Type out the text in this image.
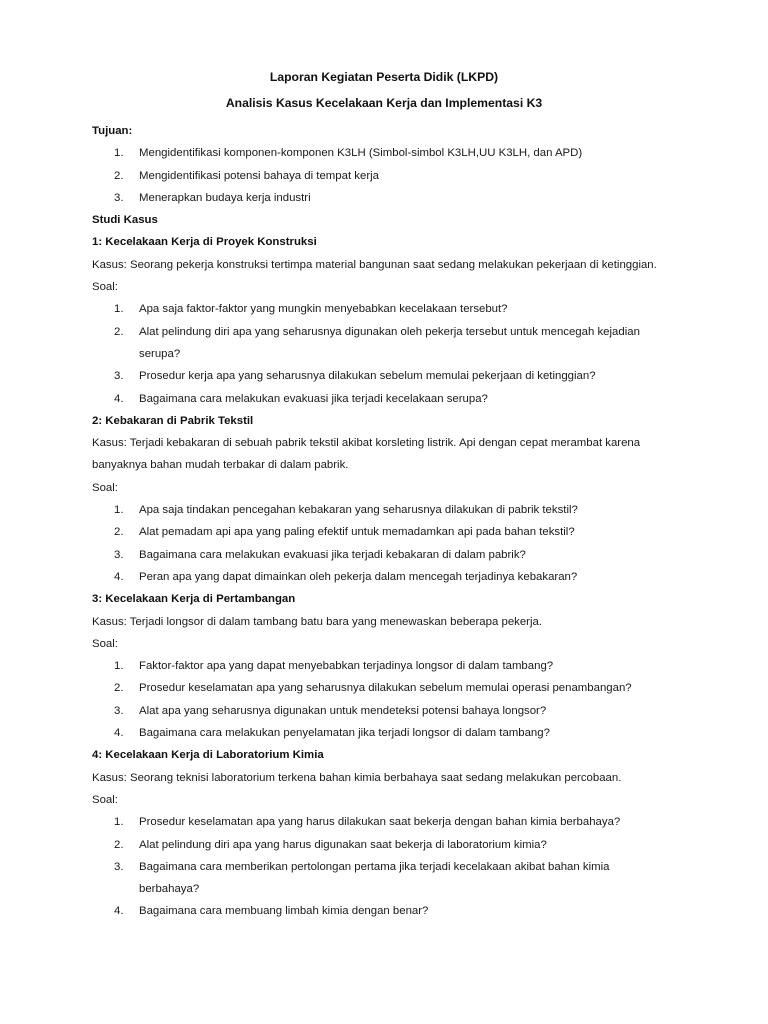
Laporan Kegiatan Peserta Didik (LKPD)
Analisis Kasus Kecelakaan Kerja dan Implementasi K3
Tujuan:
1. Mengidentifikasi komponen-komponen K3LH (Simbol-simbol K3LH,UU K3LH, dan APD)
2. Mengidentifikasi potensi bahaya di tempat kerja
3. Menerapkan budaya kerja industri
Studi Kasus
1: Kecelakaan Kerja di Proyek Konstruksi
Kasus: Seorang pekerja konstruksi tertimpa material bangunan saat sedang melakukan pekerjaan di ketinggian.
Soal:
1. Apa saja faktor-faktor yang mungkin menyebabkan kecelakaan tersebut?
2. Alat pelindung diri apa yang seharusnya digunakan oleh pekerja tersebut untuk mencegah kejadian
serupa?
3. Prosedur kerja apa yang seharusnya dilakukan sebelum memulai pekerjaan di ketinggian?
4. Bagaimana cara melakukan evakuasi jika terjadi kecelakaan serupa?
2: Kebakaran di Pabrik Tekstil
Kasus: Terjadi kebakaran di sebuah pabrik tekstil akibat korsleting listrik. Api dengan cepat merambat karena
banyaknya bahan mudah terbakar di dalam pabrik.
Soal:
1. Apa saja tindakan pencegahan kebakaran yang seharusnya dilakukan di pabrik tekstil?
2. Alat pemadam api apa yang paling efektif untuk memadamkan api pada bahan tekstil?
3. Bagaimana cara melakukan evakuasi jika terjadi kebakaran di dalam pabrik?
4. Peran apa yang dapat dimainkan oleh pekerja dalam mencegah terjadinya kebakaran?
3: Kecelakaan Kerja di Pertambangan
Kasus: Terjadi longsor di dalam tambang batu bara yang menewaskan beberapa pekerja.
Soal:
1. Faktor-faktor apa yang dapat menyebabkan terjadinya longsor di dalam tambang?
2. Prosedur keselamatan apa yang seharusnya dilakukan sebelum memulai operasi penambangan?
3. Alat apa yang seharusnya digunakan untuk mendeteksi potensi bahaya longsor?
4. Bagaimana cara melakukan penyelamatan jika terjadi longsor di dalam tambang?
4: Kecelakaan Kerja di Laboratorium Kimia
Kasus: Seorang teknisi laboratorium terkena bahan kimia berbahaya saat sedang melakukan percobaan.
Soal:
1. Prosedur keselamatan apa yang harus dilakukan saat bekerja dengan bahan kimia berbahaya?
2. Alat pelindung diri apa yang harus digunakan saat bekerja di laboratorium kimia?
3. Bagaimana cara memberikan pertolongan pertama jika terjadi kecelakaan akibat bahan kimia
berbahaya?
4. Bagaimana cara membuang limbah kimia dengan benar?
